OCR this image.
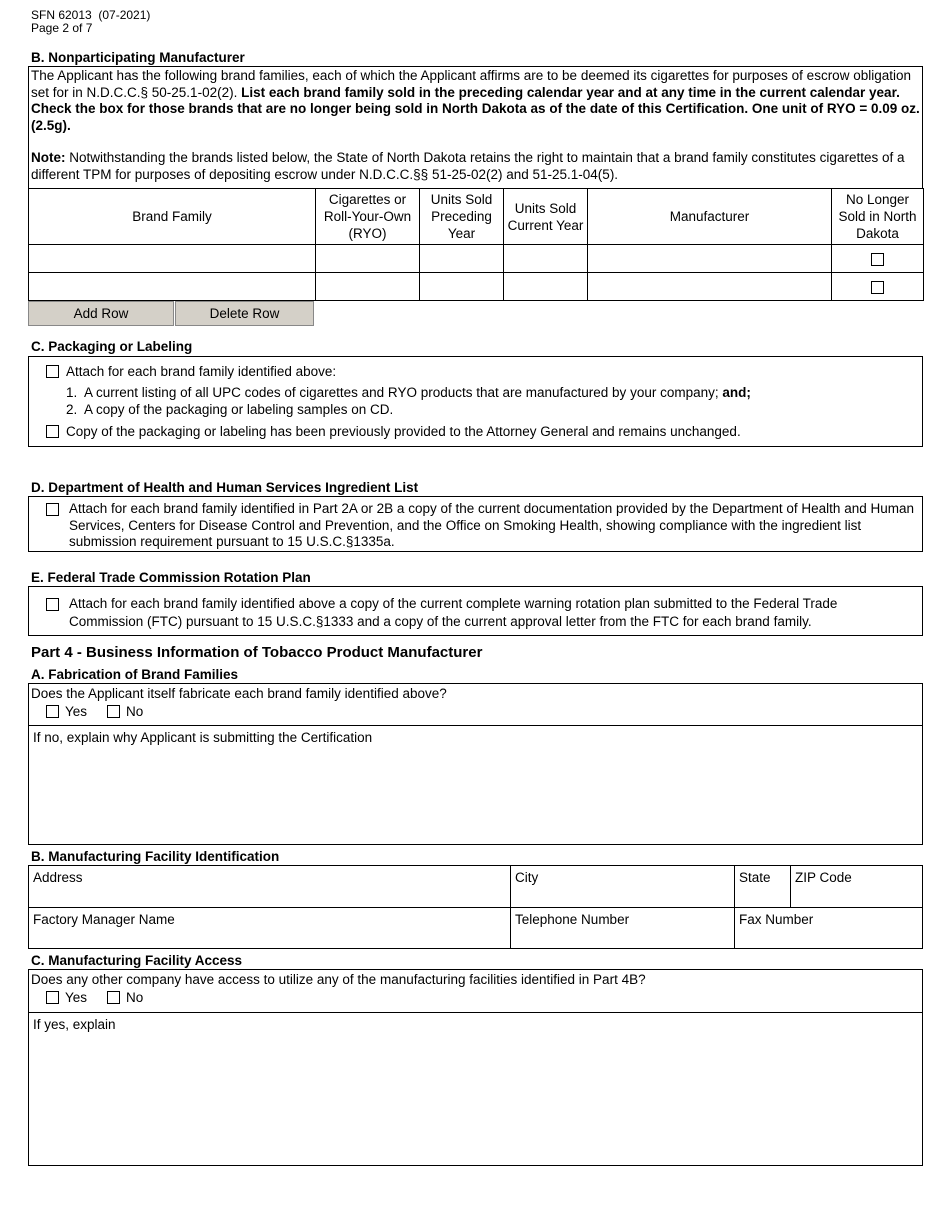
SFN 62013  (07-2021)
Page 2 of 7
B. Nonparticipating Manufacturer

The Applicant has the following brand families, each of which the Applicant affirms are to be deemed its cigarettes for purposes of escrow obligation set for in N.D.C.C.§ 50-25.1-02(2). List each brand family sold in the preceding calendar year and at any time in the current calendar year. Check the box for those brands that are no longer being sold in North Dakota as of the date of this Certification. One unit of RYO = 0.09 oz. (2.5g).

Note: Notwithstanding the brands listed below, the State of North Dakota retains the right to maintain that a brand family constitutes cigarettes of a different TPM for purposes of depositing escrow under N.D.C.C.§§ 51-25-02(2) and 51-25.1-04(5).

Brand Family	Cigarettes or Roll-Your-Own (RYO)	Units Sold Preceding Year	Units Sold Current Year	Manufacturer	No Longer Sold in North Dakota

Add Row	Delete Row
C. Packaging or Labeling
Attach for each brand family identified above:
1. A current listing of all UPC codes of cigarettes and RYO products that are manufactured by your company; and;
2. A copy of the packaging or labeling samples on CD.
Copy of the packaging or labeling has been previously provided to the Attorney General and remains unchanged.
D. Department of Health and Human Services Ingredient List
Attach for each brand family identified in Part 2A or 2B a copy of the current documentation provided by the Department of Health and Human Services, Centers for Disease Control and Prevention, and the Office on Smoking Health, showing compliance with the ingredient list submission requirement pursuant to 15 U.S.C.§1335a.
E. Federal Trade Commission Rotation Plan
Attach for each brand family identified above a copy of the current complete warning rotation plan submitted to the Federal Trade Commission (FTC) pursuant to 15 U.S.C.§1333 and a copy of the current approval letter from the FTC for each brand family.
Part 4 - Business Information of Tobacco Product Manufacturer
A. Fabrication of Brand Families
Does the Applicant itself fabricate each brand family identified above?
Yes	No
If no, explain why Applicant is submitting the Certification
B. Manufacturing Facility Identification
Address	City	State	ZIP Code
Factory Manager Name	Telephone Number	Fax Number
C. Manufacturing Facility Access
Does any other company have access to utilize any of the manufacturing facilities identified in Part 4B?
Yes	No
If yes, explain
